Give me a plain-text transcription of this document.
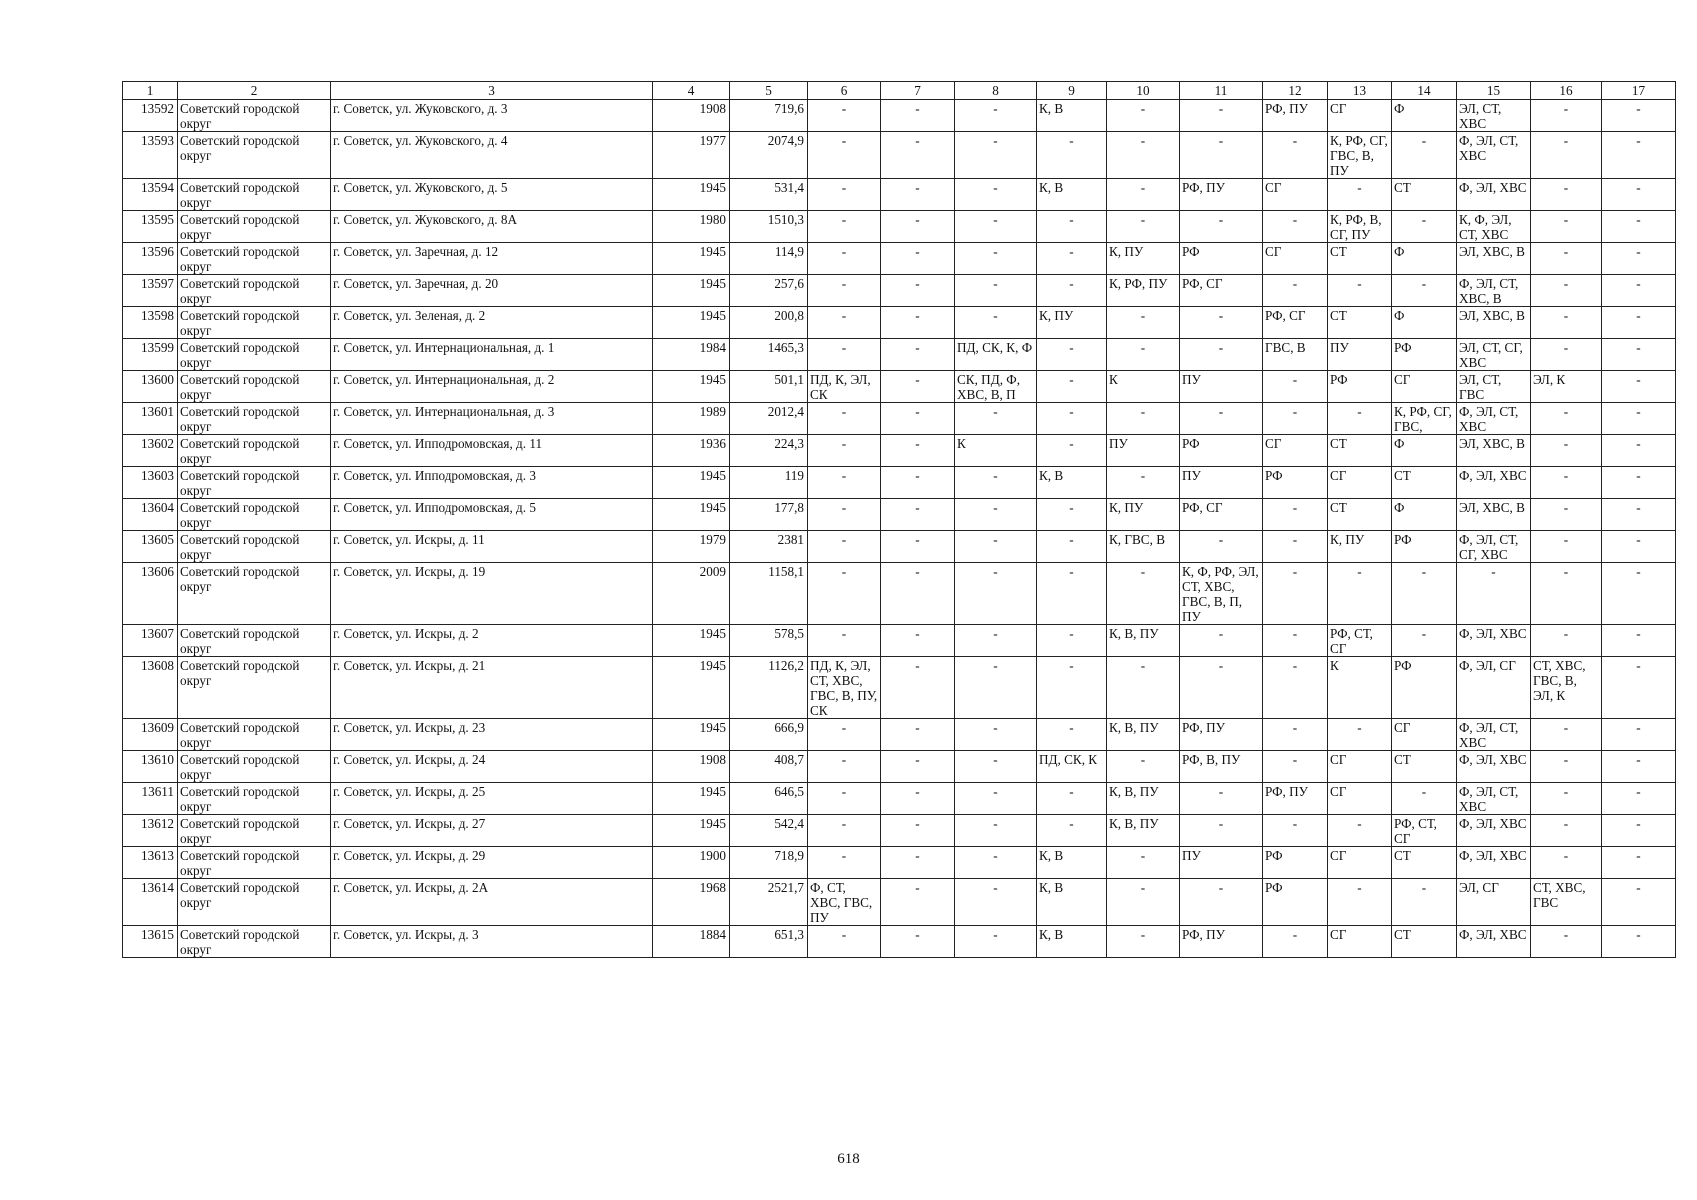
1	2	3	4	5	6	7	8	9	10	11	12	13	14	15	16	17
13592	Советский городской округ	г. Советск, ул. Жуковского, д. 3	1908	719,6	-	-	-	К, В	-	-	РФ, ПУ	СГ	Ф	ЭЛ, СТ, ХВС	-	-
13593	Советский городской округ	г. Советск, ул. Жуковского, д. 4	1977	2074,9	-	-	-	-	-	-	-	К, РФ, СГ, ГВС, В, ПУ	-	Ф, ЭЛ, СТ, ХВС	-	-
13594	Советский городской округ	г. Советск, ул. Жуковского, д. 5	1945	531,4	-	-	-	К, В	-	РФ, ПУ	СГ	-	СТ	Ф, ЭЛ, ХВС	-	-
13595	Советский городской округ	г. Советск, ул. Жуковского, д. 8А	1980	1510,3	-	-	-	-	-	-	-	К, РФ, В, СГ, ПУ	-	К, Ф, ЭЛ, СТ, ХВС	-	-
13596	Советский городской округ	г. Советск, ул. Заречная, д. 12	1945	114,9	-	-	-	-	К, ПУ	РФ	СГ	СТ	Ф	ЭЛ, ХВС, В	-	-
13597	Советский городской округ	г. Советск, ул. Заречная, д. 20	1945	257,6	-	-	-	-	К, РФ, ПУ	РФ, СГ	-	-	-	Ф, ЭЛ, СТ, ХВС, В	-	-
13598	Советский городской округ	г. Советск, ул. Зеленая, д. 2	1945	200,8	-	-	-	К, ПУ	-	-	РФ, СГ	СТ	Ф	ЭЛ, ХВС, В	-	-
13599	Советский городской округ	г. Советск, ул. Интернациональная, д. 1	1984	1465,3	-	-	ПД, СК, К, Ф	-	-	-	ГВС, В	ПУ	РФ	ЭЛ, СТ, СГ, ХВС	-	-
13600	Советский городской округ	г. Советск, ул. Интернациональная, д. 2	1945	501,1	ПД, К, ЭЛ, СК	-	СК, ПД, Ф, ХВС, В, П	-	К	ПУ	-	РФ	СГ	ЭЛ, СТ, ГВС	ЭЛ, К	-
13601	Советский городской округ	г. Советск, ул. Интернациональная, д. 3	1989	2012,4	-	-	-	-	-	-	-	-	К, РФ, СГ, ГВС,	Ф, ЭЛ, СТ, ХВС	-	-
13602	Советский городской округ	г. Советск, ул. Ипподромовская, д. 11	1936	224,3	-	-	К	-	ПУ	РФ	СГ	СТ	Ф	ЭЛ, ХВС, В	-	-
13603	Советский городской округ	г. Советск, ул. Ипподромовская, д. 3	1945	119	-	-	-	К, В	-	ПУ	РФ	СГ	СТ	Ф, ЭЛ, ХВС	-	-
13604	Советский городской округ	г. Советск, ул. Ипподромовская, д. 5	1945	177,8	-	-	-	-	К, ПУ	РФ, СГ	-	СТ	Ф	ЭЛ, ХВС, В	-	-
13605	Советский городской округ	г. Советск, ул. Искры, д. 11	1979	2381	-	-	-	-	К, ГВС, В	-	-	К, ПУ	РФ	Ф, ЭЛ, СТ, СГ, ХВС	-	-
13606	Советский городской округ	г. Советск, ул. Искры, д. 19	2009	1158,1	-	-	-	-	-	К, Ф, РФ, ЭЛ, СТ, ХВС, ГВС, В, П, ПУ	-	-	-	-	-	-
13607	Советский городской округ	г. Советск, ул. Искры, д. 2	1945	578,5	-	-	-	-	К, В, ПУ	-	-	РФ, СТ, СГ	-	Ф, ЭЛ, ХВС	-	-
13608	Советский городской округ	г. Советск, ул. Искры, д. 21	1945	1126,2	ПД, К, ЭЛ, СТ, ХВС, ГВС, В, ПУ, СК	-	-	-	-	-	-	К	РФ	Ф, ЭЛ, СГ	СТ, ХВС, ГВС, В, ЭЛ, К	-
13609	Советский городской округ	г. Советск, ул. Искры, д. 23	1945	666,9	-	-	-	-	К, В, ПУ	РФ, ПУ	-	-	СГ	Ф, ЭЛ, СТ, ХВС	-	-
13610	Советский городской округ	г. Советск, ул. Искры, д. 24	1908	408,7	-	-	-	ПД, СК, К	-	РФ, В, ПУ	-	СГ	СТ	Ф, ЭЛ, ХВС	-	-
13611	Советский городской округ	г. Советск, ул. Искры, д. 25	1945	646,5	-	-	-	-	К, В, ПУ	-	РФ, ПУ	СГ	-	Ф, ЭЛ, СТ, ХВС	-	-
13612	Советский городской округ	г. Советск, ул. Искры, д. 27	1945	542,4	-	-	-	-	К, В, ПУ	-	-	-	РФ, СТ, СГ	Ф, ЭЛ, ХВС	-	-
13613	Советский городской округ	г. Советск, ул. Искры, д. 29	1900	718,9	-	-	-	К, В	-	ПУ	РФ	СГ	СТ	Ф, ЭЛ, ХВС	-	-
13614	Советский городской округ	г. Советск, ул. Искры, д. 2А	1968	2521,7	Ф, СТ, ХВС, ГВС, ПУ	-	-	К, В	-	-	РФ	-	-	ЭЛ, СГ	СТ, ХВС, ГВС	-
13615	Советский городской округ	г. Советск, ул. Искры, д. 3	1884	651,3	-	-	-	К, В	-	РФ, ПУ	-	СГ	СТ	Ф, ЭЛ, ХВС	-	-
618
